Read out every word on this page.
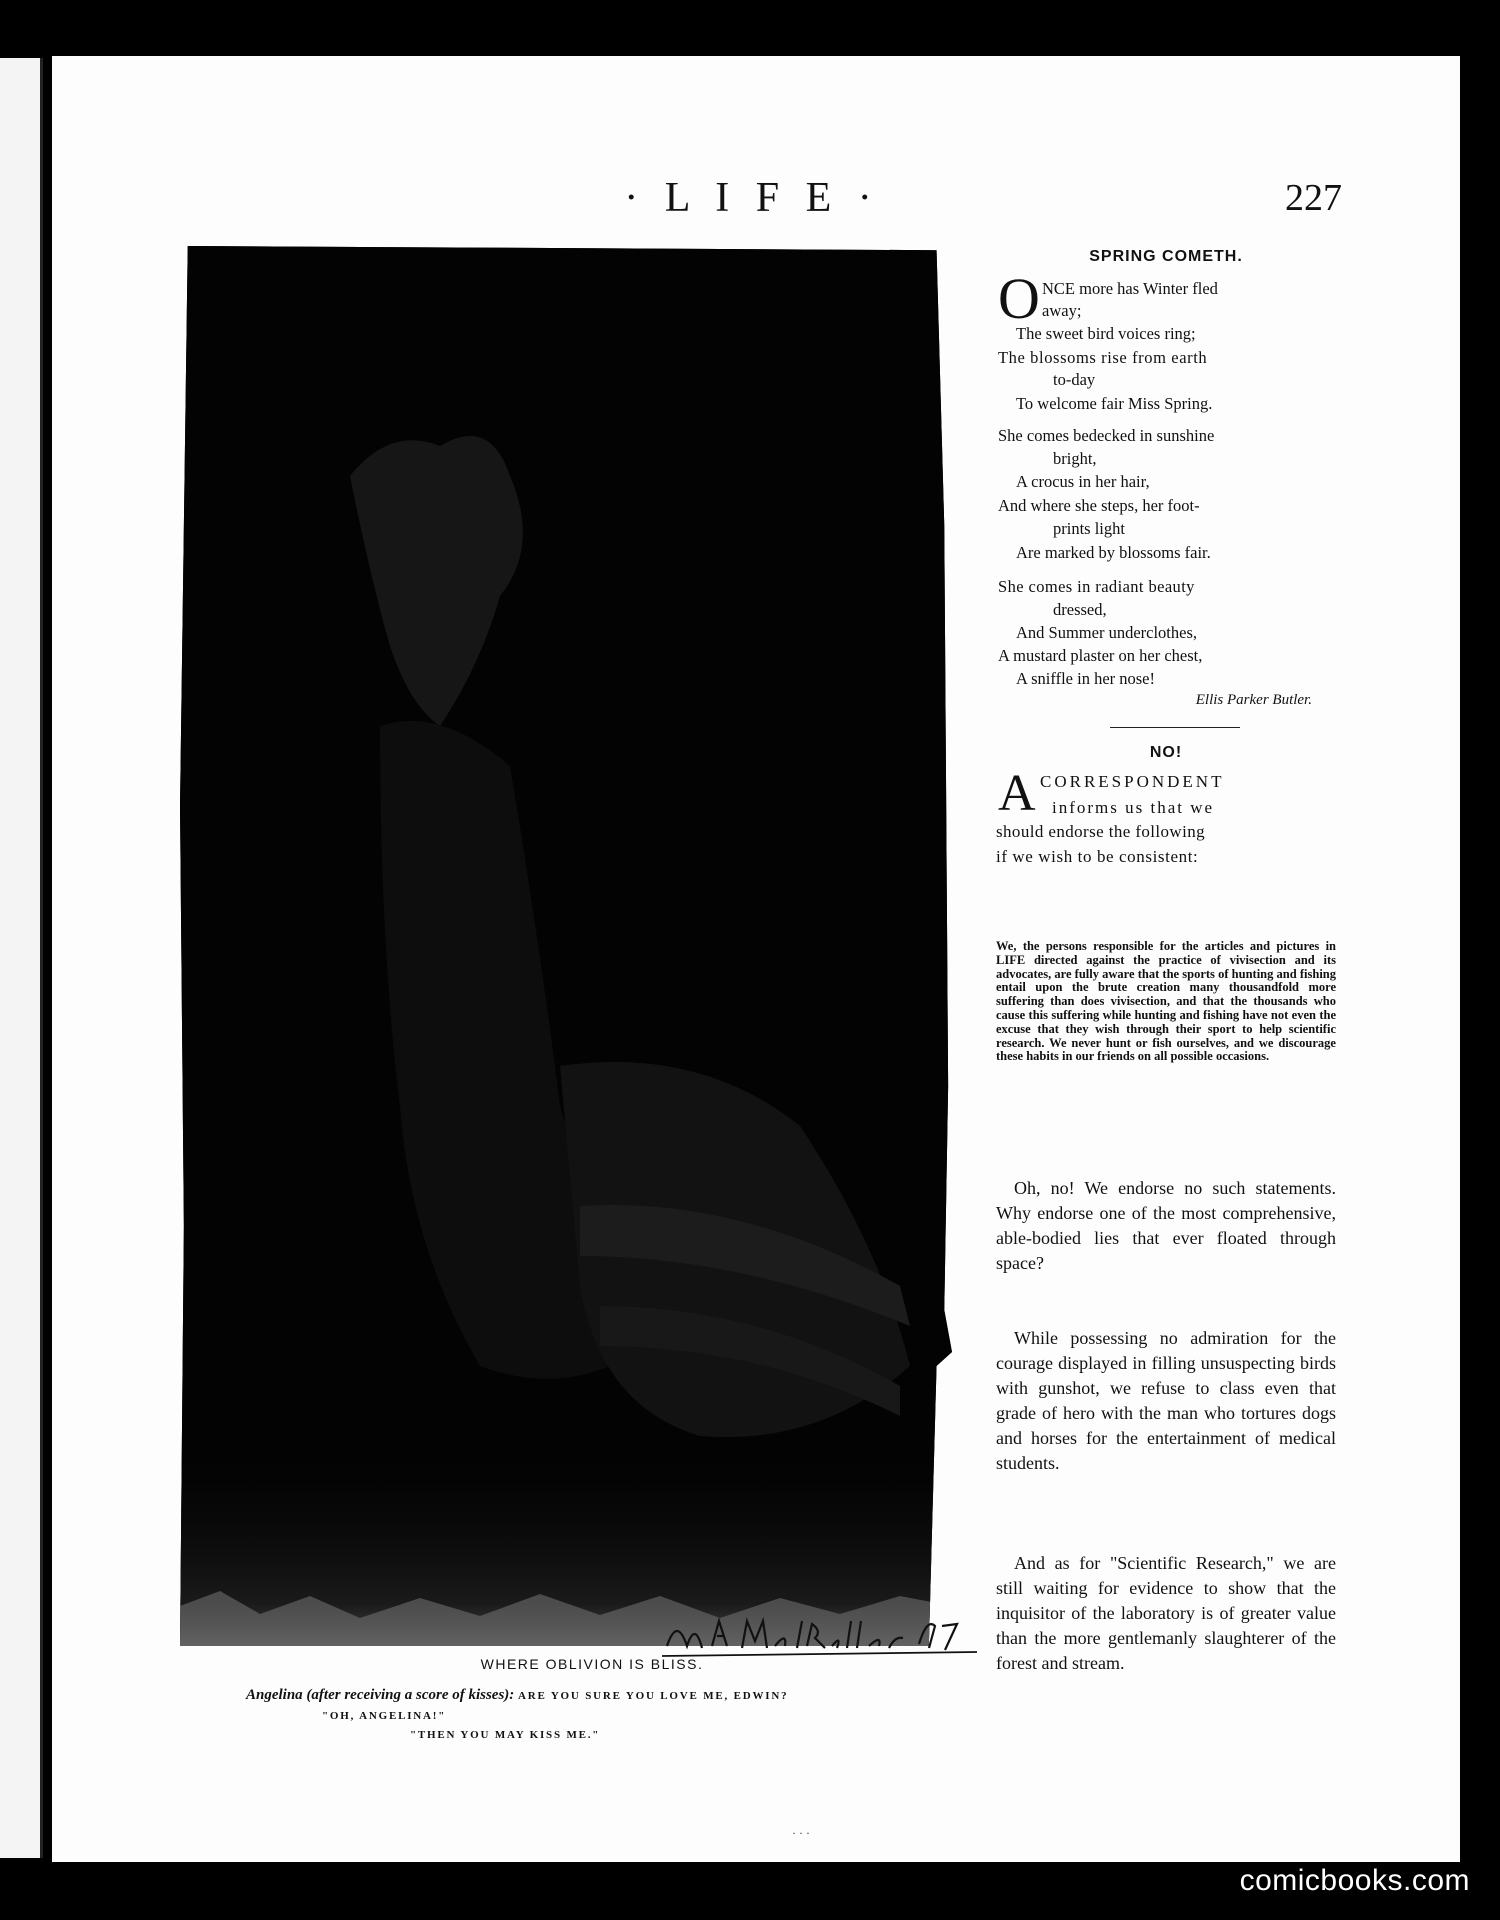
· L I F E ·	227
WHERE OBLIVION IS BLISS.
Angelina (after receiving a score of kisses): ARE YOU SURE YOU LOVE ME, EDWIN?
"OH, ANGELINA!"
"THEN YOU MAY KISS ME."
SPRING COMETH.
O NCE more has Winter fled
away;
The sweet bird voices ring;
The blossoms rise from earth
to-day
To welcome fair Miss Spring.
She comes bedecked in sunshine
bright,
A crocus in her hair,
And where she steps, her foot-
prints light
Are marked by blossoms fair.
She comes in radiant beauty
dressed,
And Summer underclothes,
A mustard plaster on her chest,
A sniffle in her nose!
Ellis Parker Butler.
NO!
A CORRESPONDENT
informs us that we
should endorse the following
if we wish to be consistent:
We, the persons responsible for the articles and pictures in LIFE directed against the practice of vivisection and its advocates, are fully aware that the sports of hunting and fishing entail upon the brute creation many thousandfold more suffering than does vivisection, and that the thousands who cause this suffering while hunting and fishing have not even the excuse that they wish through their sport to help scientific research. We never hunt or fish ourselves, and we discourage these habits in our friends on all possible occasions.
Oh, no! We endorse no such statements. Why endorse one of the most comprehensive, able-bodied lies that ever floated through space?
While possessing no admiration for the courage displayed in filling unsuspecting birds with gunshot, we refuse to class even that grade of hero with the man who tortures dogs and horses for the entertainment of medical students.
And as for "Scientific Research," we are still waiting for evidence to show that the inquisitor of the laboratory is of greater value than the more gentlemanly slaughterer of the forest and stream.
· · ·
comicbooks.com
